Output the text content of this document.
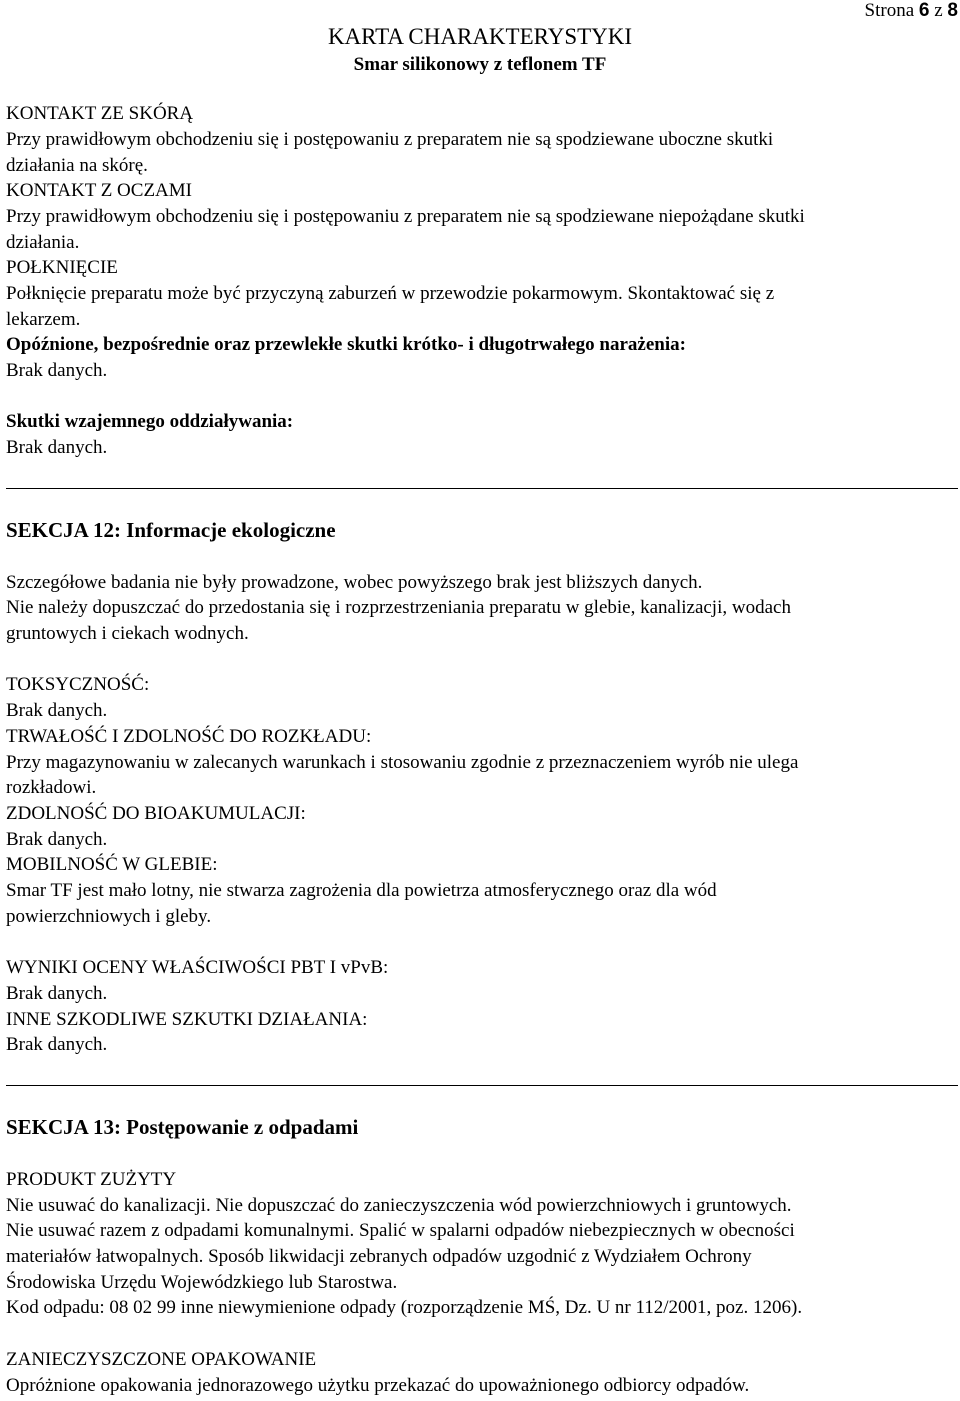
Strona 6 z 8
KARTA CHARAKTERYSTYKI
Smar silikonowy z teflonem TF
KONTAKT ZE SKÓRĄ
Przy prawidłowym obchodzeniu się i postępowaniu z preparatem nie są spodziewane uboczne skutki
działania na skórę.
KONTAKT Z OCZAMI
Przy prawidłowym obchodzeniu się i postępowaniu z preparatem nie są spodziewane niepożądane skutki
działania.
POŁKNIĘCIE
Połknięcie preparatu może być przyczyną zaburzeń w przewodzie pokarmowym. Skontaktować się z
lekarzem.
Opóźnione, bezpośrednie oraz przewlekłe skutki krótko- i długotrwałego narażenia:
Brak danych.
Skutki wzajemnego oddziaływania:
Brak danych.
SEKCJA 12: Informacje ekologiczne
Szczegółowe badania nie były prowadzone, wobec powyższego brak jest bliższych danych.
Nie należy dopuszczać do przedostania się i rozprzestrzeniania preparatu w glebie, kanalizacji, wodach
gruntowych i ciekach wodnych.
TOKSYCZNOŚĆ:
Brak danych.
TRWAŁOŚĆ I ZDOLNOŚĆ DO ROZKŁADU:
Przy magazynowaniu w zalecanych warunkach i stosowaniu zgodnie z przeznaczeniem wyrób nie ulega
rozkładowi.
ZDOLNOŚĆ DO BIOAKUMULACJI:
Brak danych.
MOBILNOŚĆ W GLEBIE:
Smar TF jest mało lotny, nie stwarza zagrożenia dla powietrza atmosferycznego oraz dla wód
powierzchniowych i gleby.
WYNIKI OCENY WŁAŚCIWOŚCI PBT I vPvB:
Brak danych.
INNE SZKODLIWE SZKUTKI DZIAŁANIA:
Brak danych.
SEKCJA 13: Postępowanie z odpadami
PRODUKT ZUŻYTY
Nie usuwać do kanalizacji. Nie dopuszczać do zanieczyszczenia wód powierzchniowych i gruntowych.
Nie usuwać razem z odpadami komunalnymi. Spalić w spalarni odpadów niebezpiecznych w obecności
materiałów łatwopalnych. Sposób likwidacji zebranych odpadów uzgodnić z Wydziałem Ochrony
Środowiska Urzędu Wojewódzkiego lub Starostwa.
Kod odpadu: 08 02 99 inne niewymienione odpady (rozporządzenie MŚ, Dz. U nr 112/2001, poz. 1206).
ZANIECZYSZCZONE OPAKOWANIE
Opróżnione opakowania jednorazowego użytku przekazać do upoważnionego odbiorcy odpadów.
